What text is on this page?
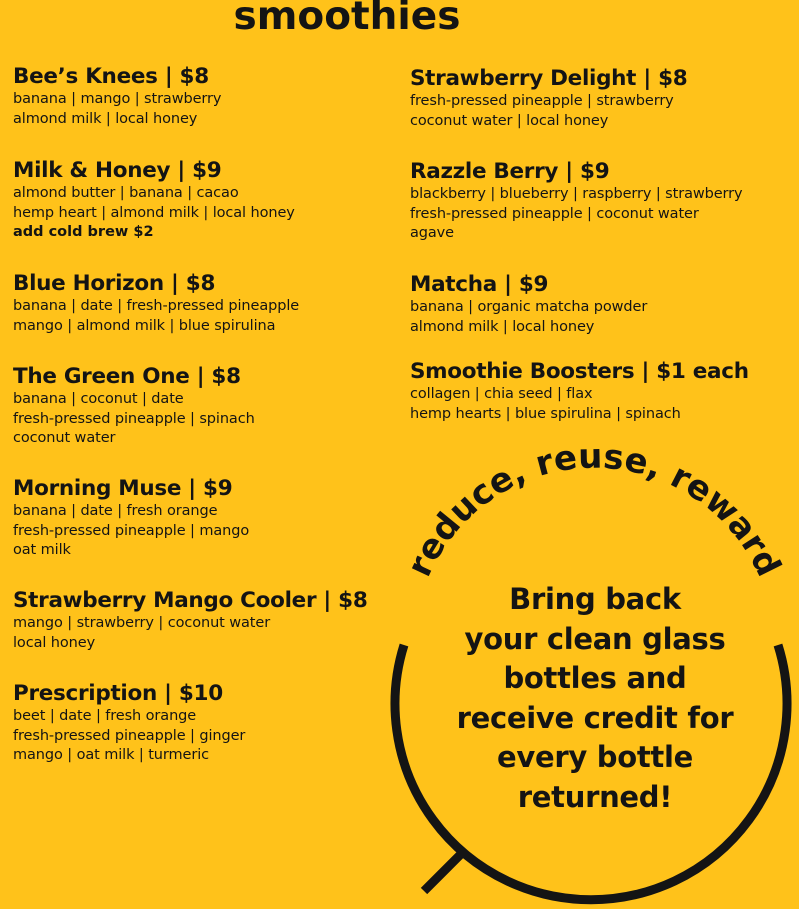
smoothies
Bee’s Knees | $8
banana | mango | strawberry
almond milk | local honey
Milk & Honey | $9
almond butter | banana | cacao
hemp heart | almond milk | local honey
add cold brew $2
Blue Horizon | $8
banana | date | fresh-pressed pineapple
mango | almond milk | blue spirulina
The Green One | $8
banana | coconut | date
fresh-pressed pineapple | spinach
coconut water
Morning Muse | $9
banana | date | fresh orange
fresh-pressed pineapple | mango
oat milk
Strawberry Mango Cooler | $8
mango | strawberry | coconut water
local honey
Prescription | $10
beet | date | fresh orange
fresh-pressed pineapple | ginger
mango | oat milk | turmeric
Strawberry Delight | $8
fresh-pressed pineapple | strawberry
coconut water | local honey
Razzle Berry | $9
blackberry | blueberry | raspberry | strawberry
fresh-pressed pineapple | coconut water
agave
Matcha | $9
banana | organic matcha powder
almond milk | local honey
Smoothie Boosters | $1 each
collagen | chia seed | flax
hemp hearts | blue spirulina | spinach
reduce, reuse, reward
Bring back
your clean glass
bottles and
receive credit for
every bottle
returned!
